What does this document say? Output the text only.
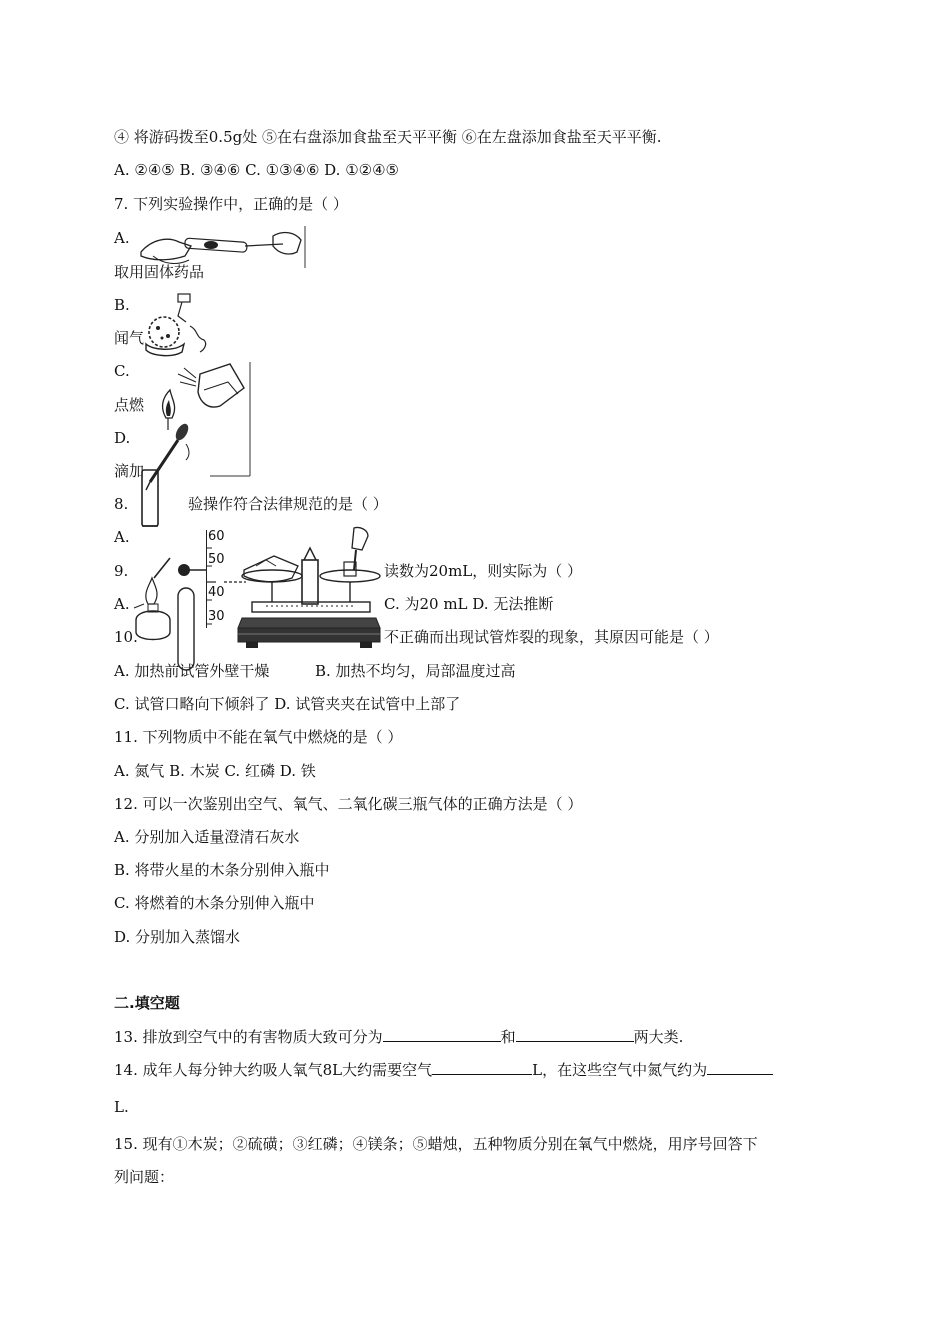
④ 将游码拨至0.5g处 ⑤在右盘添加食盐至天平平衡 ⑥在左盘添加食盐至天平平衡.
A. ②④⑤ B. ③④⑥ C. ①③④⑥ D. ①②④⑤
7. 下列实验操作中，正确的是（ ）
A.
取用固体药品
B.
闻气
C.
点燃
D.
滴加
8.	验操作符合法律规范的是（ ）
A.
9.	读数为20mL，则实际为（ ）
A.	C. 为20 mL D. 无法推断
10.	不正确而出现试管炸裂的现象，其原因可能是（ ）
A. 加热前试管外壁干燥	B. 加热不均匀，局部温度过高
C. 试管口略向下倾斜了 D. 试管夹夹在试管中上部了
11. 下列物质中不能在氧气中燃烧的是（ ）
A. 氮气 B. 木炭 C. 红磷 D. 铁
12. 可以一次鉴别出空气、氧气、二氧化碳三瓶气体的正确方法是（ ）
A. 分别加入适量澄清石灰水
B. 将带火星的木条分别伸入瓶中
C. 将燃着的木条分别伸入瓶中
D. 分别加入蒸馏水
二.填空题
13. 排放到空气中的有害物质大致可分为	和	两大类.
14. 成年人每分钟大约吸人氧气8L大约需要空气	L，在这些空气中氮气约为
L.
15. 现有①木炭；②硫磺；③红磷；④镁条；⑤蜡烛，五种物质分别在氧气中燃烧，用序号回答下
列问题：
60
50
40
30
